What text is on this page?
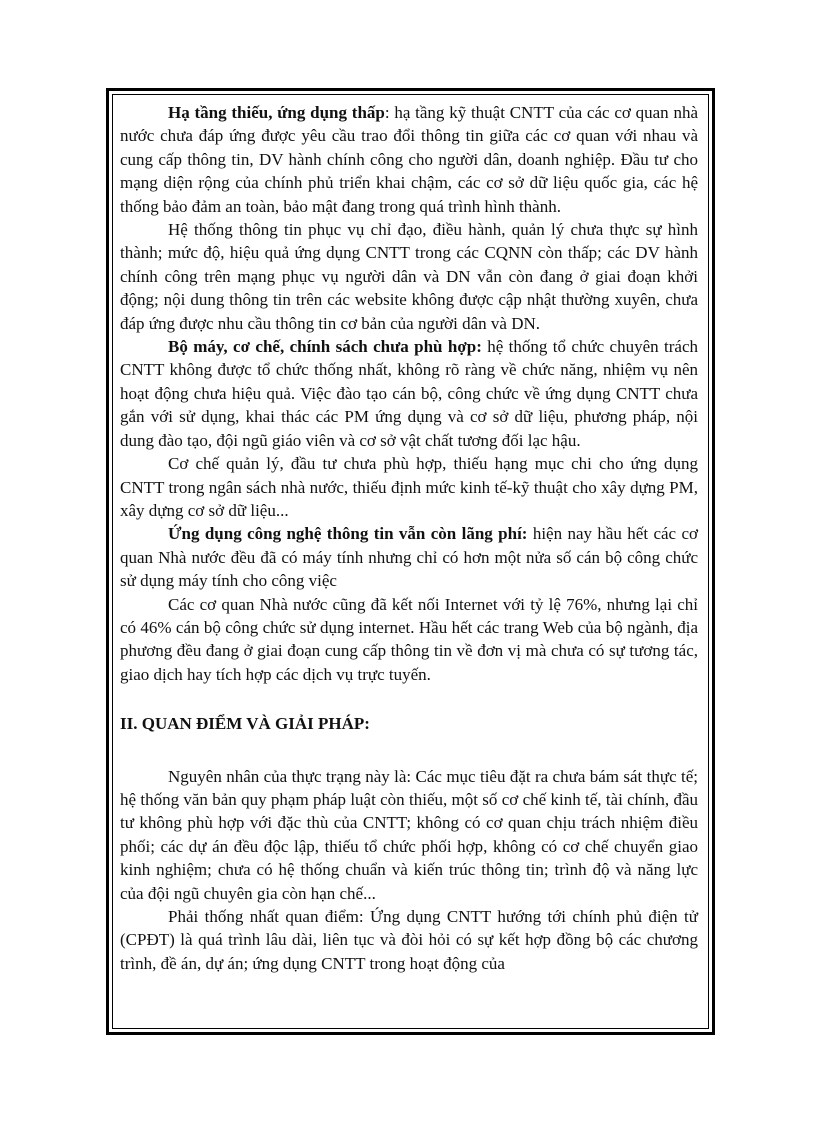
Hạ tầng thiếu, ứng dụng thấp: hạ tầng kỹ thuật CNTT của các cơ quan nhà nước chưa đáp ứng được yêu cầu trao đổi thông tin giữa các cơ quan với nhau và cung cấp thông tin, DV hành chính công cho người dân, doanh nghiệp. Đầu tư cho mạng diện rộng của chính phủ triển khai chậm, các cơ sở dữ liệu quốc gia, các hệ thống bảo đảm an toàn, bảo mật đang trong quá trình hình thành.

Hệ thống thông tin phục vụ chỉ đạo, điều hành, quản lý chưa thực sự hình thành; mức độ, hiệu quả ứng dụng CNTT trong các CQNN còn thấp; các DV hành chính công trên mạng phục vụ người dân và DN vẫn còn đang ở giai đoạn khởi động; nội dung thông tin trên các website không được cập nhật thường xuyên, chưa đáp ứng được nhu cầu thông tin cơ bản của người dân và DN.

Bộ máy, cơ chế, chính sách chưa phù hợp: hệ thống tổ chức chuyên trách CNTT không được tổ chức thống nhất, không rõ ràng về chức năng, nhiệm vụ nên hoạt động chưa hiệu quả. Việc đào tạo cán bộ, công chức về ứng dụng CNTT chưa gắn với sử dụng, khai thác các PM ứng dụng và cơ sở dữ liệu, phương pháp, nội dung đào tạo, đội ngũ giáo viên và cơ sở vật chất tương đối lạc hậu.

Cơ chế quản lý, đầu tư chưa phù hợp, thiếu hạng mục chi cho ứng dụng CNTT trong ngân sách nhà nước, thiếu định mức kinh tế-kỹ thuật cho xây dựng PM, xây dựng cơ sở dữ liệu...

Ứng dụng công nghệ thông tin vẫn còn lãng phí: hiện nay hầu hết các cơ quan Nhà nước đều đã có máy tính nhưng chỉ có hơn một nửa số cán bộ công chức sử dụng máy tính cho công việc

Các cơ quan Nhà nước cũng đã kết nối Internet với tỷ lệ 76%, nhưng lại chỉ có 46% cán bộ công chức sử dụng internet. Hầu hết các trang Web của bộ ngành, địa phương đều đang ở giai đoạn cung cấp thông tin về đơn vị mà chưa có sự tương tác, giao dịch hay tích hợp các dịch vụ trực tuyến.

II. QUAN ĐIỂM VÀ GIẢI PHÁP:

Nguyên nhân của thực trạng này là: Các mục tiêu đặt ra chưa bám sát thực tế; hệ thống văn bản quy phạm pháp luật còn thiếu, một số cơ chế kinh tế, tài chính, đầu tư không phù hợp với đặc thù của CNTT; không có cơ quan chịu trách nhiệm điều phối; các dự án đều độc lập, thiếu tổ chức phối hợp, không có cơ chế chuyển giao kinh nghiệm; chưa có hệ thống chuẩn và kiến trúc thông tin; trình độ và năng lực của đội ngũ chuyên gia còn hạn chế...

Phải thống nhất quan điểm: Ứng dụng CNTT hướng tới chính phủ điện tử (CPĐT) là quá trình lâu dài, liên tục và đòi hỏi có sự kết hợp đồng bộ các chương trình, đề án, dự án; ứng dụng CNTT trong hoạt động của
